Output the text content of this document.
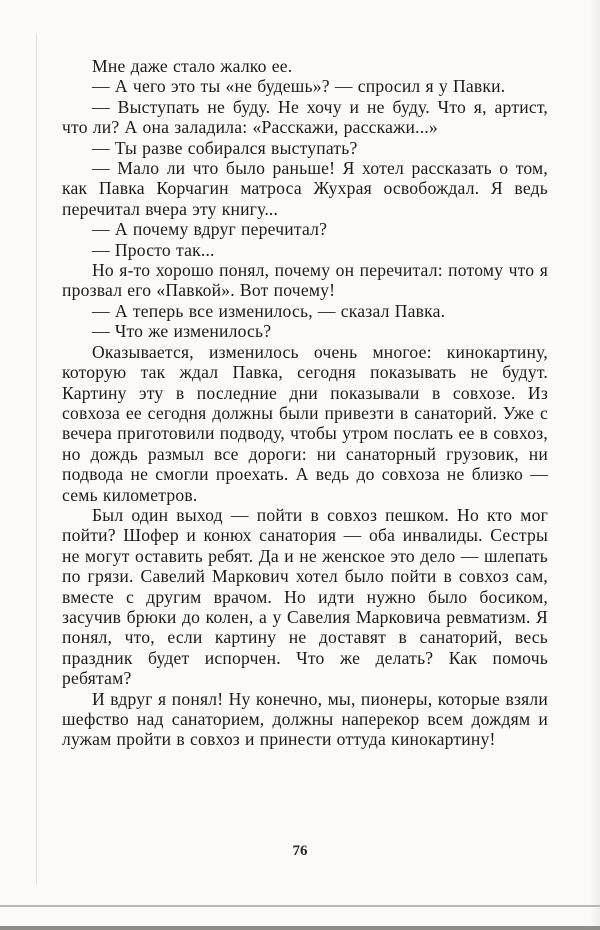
Мне даже стало жалко ее.

— А чего это ты «не будешь»? — спросил я у Павки.

— Выступать не буду. Не хочу и не буду. Что я, артист, что ли? А она заладила: «Расскажи, расскажи...»

— Ты разве собирался выступать?

— Мало ли что было раньше! Я хотел рассказать о том, как Павка Корчагин матроса Жухрая освобождал. Я ведь перечитал вчера эту книгу...

— А почему вдруг перечитал?

— Просто так...

Но я-то хорошо понял, почему он перечитал: потому что я прозвал его «Павкой». Вот почему!

— А теперь все изменилось, — сказал Павка.

— Что же изменилось?

Оказывается, изменилось очень многое: кинокартину, которую так ждал Павка, сегодня показывать не будут. Картину эту в последние дни показывали в совхозе. Из совхоза ее сегодня должны были привезти в санаторий. Уже с вечера приготовили подводу, чтобы утром послать ее в совхоз, но дождь размыл все дороги: ни санаторный грузовик, ни подвода не смогли проехать. А ведь до совхоза не близко — семь километров.

Был один выход — пойти в совхоз пешком. Но кто мог пойти? Шофер и конюх санатория — оба инвалиды. Сестры не могут оставить ребят. Да и не женское это дело — шлепать по грязи. Савелий Маркович хотел было пойти в совхоз сам, вместе с другим врачом. Но идти нужно было босиком, засучив брюки до колен, а у Савелия Марковича ревматизм. Я понял, что, если картину не доставят в санаторий, весь праздник будет испорчен. Что же делать? Как помочь ребятам?

И вдруг я понял! Ну конечно, мы, пионеры, которые взяли шефство над санаторием, должны наперекор всем дождям и лужам пройти в совхоз и принести оттуда кинокартину!

76
